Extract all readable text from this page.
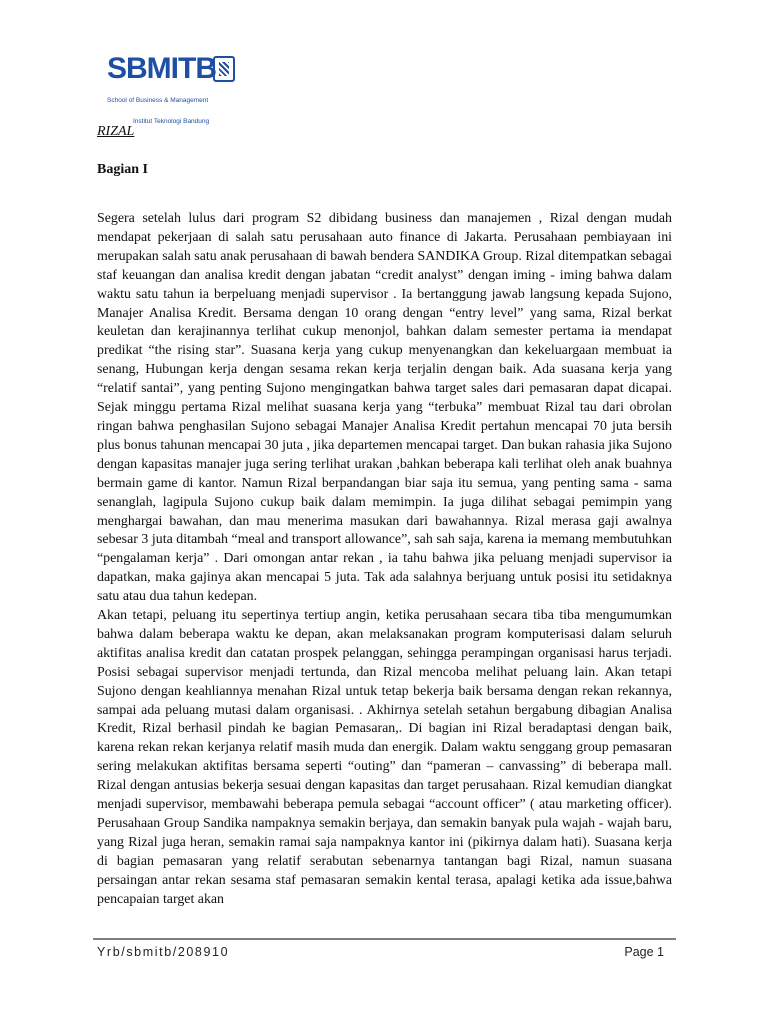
SBMITB

School of Business & Management

Institut Teknologi Bandung

RIZAL
Bagian I

Segera setelah lulus dari program S2 dibidang business dan manajemen , Rizal dengan mudah mendapat pekerjaan di salah satu perusahaan auto finance di Jakarta. Perusahaan pembiayaan ini merupakan salah satu anak perusahaan di bawah bendera SANDIKA Group. Rizal ditempatkan sebagai staf keuangan dan analisa kredit dengan jabatan “credit analyst” dengan iming - iming bahwa dalam waktu satu tahun ia berpeluang menjadi supervisor . Ia bertanggung jawab langsung kepada Sujono, Manajer Analisa Kredit. Bersama dengan 10 orang dengan “entry level” yang sama, Rizal berkat keuletan dan kerajinannya terlihat cukup menonjol, bahkan dalam semester pertama ia mendapat predikat “the rising star”. Suasana kerja yang cukup menyenangkan dan kekeluargaan membuat ia senang, Hubungan kerja dengan sesama rekan kerja terjalin dengan baik. Ada suasana kerja yang “relatif santai”, yang penting Sujono mengingatkan bahwa target sales dari pemasaran dapat dicapai. Sejak minggu pertama Rizal melihat suasana kerja yang “terbuka” membuat Rizal tau dari obrolan ringan bahwa penghasilan Sujono sebagai Manajer Analisa Kredit pertahun mencapai 70 juta bersih plus bonus tahunan mencapai 30 juta , jika departemen mencapai target. Dan bukan rahasia jika Sujono dengan kapasitas manajer juga sering terlihat urakan ,bahkan beberapa kali terlihat oleh anak buahnya bermain game di kantor. Namun Rizal berpandangan biar saja itu semua, yang penting sama - sama senanglah, lagipula Sujono cukup baik dalam memimpin. Ia juga dilihat sebagai pemimpin yang menghargai bawahan, dan mau menerima masukan dari bawahannya. Rizal merasa gaji awalnya sebesar 3 juta ditambah “meal and transport allowance”, sah sah saja, karena ia memang membutuhkan “pengalaman kerja” . Dari omongan antar rekan , ia tahu bahwa jika peluang menjadi supervisor ia dapatkan, maka gajinya akan mencapai 5 juta. Tak ada salahnya berjuang untuk posisi itu setidaknya satu atau dua tahun kedepan.

Akan tetapi, peluang itu sepertinya tertiup angin, ketika perusahaan secara tiba tiba mengumumkan bahwa dalam beberapa waktu ke depan, akan melaksanakan program komputerisasi dalam seluruh aktifitas analisa kredit dan catatan prospek pelanggan, sehingga perampingan organisasi harus terjadi. Posisi sebagai supervisor menjadi tertunda, dan Rizal mencoba melihat peluang lain. Akan tetapi Sujono dengan keahliannya menahan Rizal untuk tetap bekerja baik bersama dengan rekan rekannya, sampai ada peluang mutasi dalam organisasi. . Akhirnya setelah setahun bergabung dibagian Analisa Kredit, Rizal berhasil pindah ke bagian Pemasaran,. Di bagian ini Rizal beradaptasi dengan baik, karena rekan rekan kerjanya relatif masih muda dan energik. Dalam waktu senggang group pemasaran sering melakukan aktifitas bersama seperti “outing” dan “pameran – canvassing” di beberapa mall. Rizal dengan antusias bekerja sesuai dengan kapasitas dan target perusahaan. Rizal kemudian diangkat menjadi supervisor, membawahi beberapa pemula sebagai “account officer” ( atau marketing officer). Perusahaan Group Sandika nampaknya semakin berjaya, dan semakin banyak pula wajah - wajah baru, yang Rizal juga heran, semakin ramai saja nampaknya kantor ini (pikirnya dalam hati). Suasana kerja di bagian pemasaran yang relatif serabutan sebenarnya tantangan bagi Rizal, namun suasana persaingan antar rekan sesama staf pemasaran semakin kental terasa, apalagi ketika ada issue,bahwa pencapaian target akan

Yrb/sbmitb/208910	Page 1
